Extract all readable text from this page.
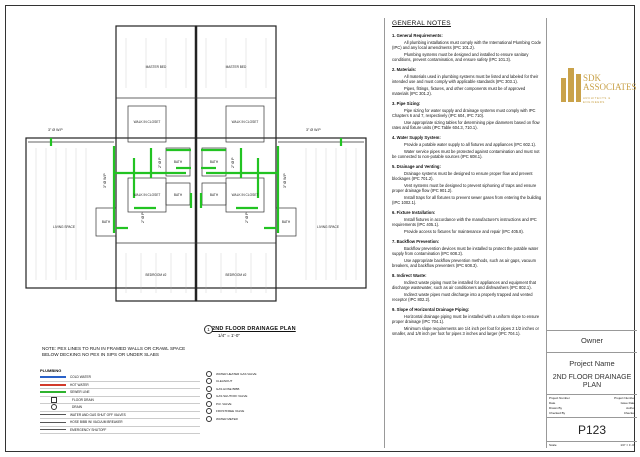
MASTER BED	MASTER BED
WALK IN CLOSET	WALK IN CLOSET
WALK IN CLOSET	WALK IN CLOSET
BATH	BATH
BATH	BATH
BATH	BATH
LIVING SPACE	LIVING SPACE
BEDROOM #2	BEDROOM #2
3" Ø W.P	3" Ø W.P
3" Ø W.P
2" Ø P
2" Ø P
2" Ø P
2" Ø P
3" Ø W.P
1 2ND FLOOR DRAINAGE PLAN
1/4" = 1'-0"
NOTE: PEX LINES TO RUN IN FRAMED WALLS OR CRAWL SPACE BELOW DECKING NO PEX IN SIPS OR UNDER SLABS
PLUMBING
COLD WATER
HOT WATER
SEWER LINE
FLOOR DRAIN
DRAIN
WATER AND GAS SHUT OFF VALVES
HOSE BIBB W/ VACUUM BREAKER
EMERGENCY SHUTOFF
WATER HEATER GAS VALVE
CLEANOUT
GAS HOSE BIBB
GAS SHUTOFF VALVE
P.R. VALVE
FROSTFREE VALVE
WATER METER
GENERAL NOTES
1. General Requirements:

All plumbing installations must comply with the International Plumbing Code (IPC) and any local amendments (IPC 101.2).

Plumbing systems must be designed and installed to ensure sanitary conditions, prevent contamination, and ensure safety (IPC 101.3).

2. Materials:

All materials used in plumbing systems must be listed and labeled for their intended use and must comply with applicable standards (IPC 303.1).

Pipes, fittings, fixtures, and other components must be of approved materials (IPC 301.2).

3. Pipe Sizing:

Pipe sizing for water supply and drainage systems must comply with IPC Chapters 6 and 7, respectively (IPC 604, IPC 710).

Use appropriate sizing tables for determining pipe diameters based on flow rates and fixture units (IPC Table 604.3, 710.1).

4. Water Supply System:

Provide a potable water supply to all fixtures and appliances (IPC 602.1).

Water service pipes must be protected against contamination and must not be connected to non-potable sources (IPC 608.1).

5. Drainage and Venting:

Drainage systems must be designed to ensure proper flow and prevent blockages (IPC 701.2).

Vent systems must be designed to prevent siphoning of traps and ensure proper drainage flow (IPC 901.2).

Install traps for all fixtures to prevent sewer gases from entering the building (IPC 1002.1).

6. Fixture Installation:

Install fixtures in accordance with the manufacturer's instructions and IPC requirements (IPC 405.1).

Provide access to fixtures for maintenance and repair (IPC 405.8).

7. Backflow Prevention:

Backflow prevention devices must be installed to protect the potable water supply from contamination (IPC 608.2).

Use appropriate backflow prevention methods, such as air gaps, vacuum breakers, and backflow preventers (IPC 608.3).

8. Indirect Waste:

Indirect waste piping must be installed for appliances and equipment that discharge wastewater, such as air conditioners and dishwashers (IPC 802.1).

Indirect waste pipes must discharge into a properly trapped and vented receptor (IPC 802.2).

9. Slope of Horizontal Drainage Piping:

Horizontal drainage piping must be installed with a uniform slope to ensure proper drainage (IPC 704.1).

Minimum slope requirements are 1/4 inch per foot for pipes 2 1/2 inches or smaller, and 1/8 inch per foot for pipes 3 inches and larger (IPC 704.1).

SDK ASSOCIATES
ARCHITECTS & ENGINEERS
Owner
Project Name
2ND FLOOR DRAINAGE PLAN
Project Number	Project Number
Date	Issue Date
Drawn By	Author
Checked By	Checker
P123
Scale	1/4" = 1'-0"
